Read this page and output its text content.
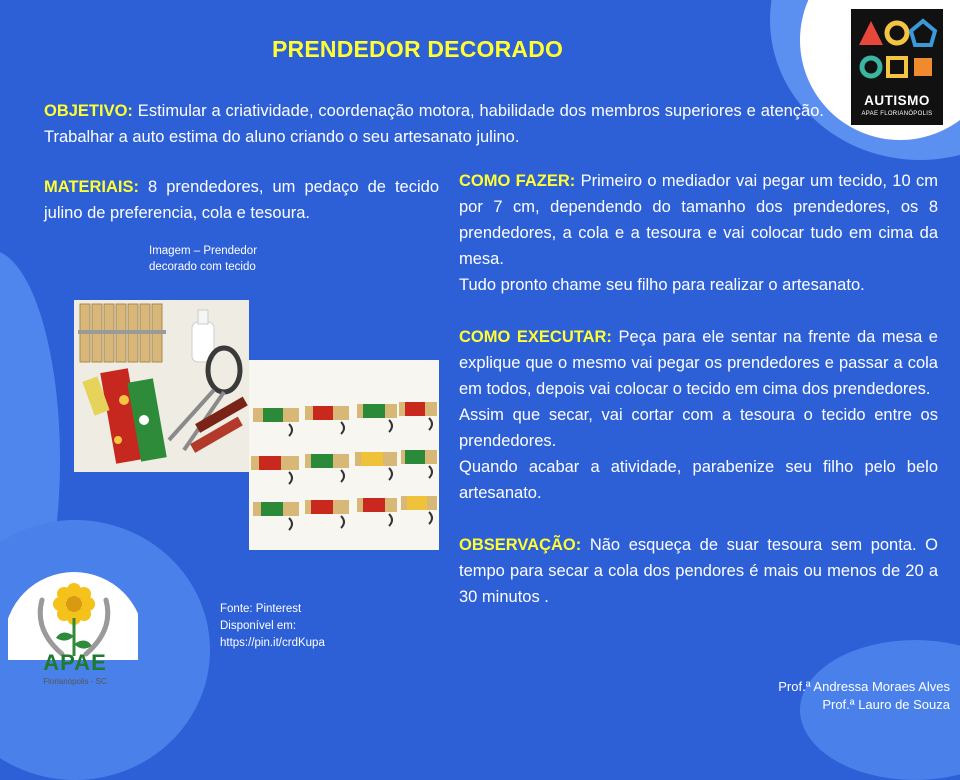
PRENDEDOR DECORADO
OBJETIVO: Estimular a criatividade, coordenação motora, habilidade dos membros superiores e atenção. Trabalhar a auto estima do aluno criando o seu artesanato julino.
MATERIAIS: 8 prendedores, um pedaço de tecido julino de preferencia, cola e tesoura.
Imagem – Prendedor decorado com tecido
Fonte: Pinterest
Disponível em:
https://pin.it/crdKupa

COMO FAZER: Primeiro o mediador vai pegar um tecido, 10 cm por 7 cm, dependendo do tamanho dos prendedores, os 8 prendedores, a cola e a tesoura e vai colocar tudo em cima da mesa.

Tudo pronto chame seu filho para realizar o artesanato.

COMO EXECUTAR: Peça para ele sentar na frente da mesa e explique que o mesmo vai pegar os prendedores e passar a cola em todos, depois vai colocar o tecido em cima dos prendedores.

Assim que secar, vai cortar com a tesoura o tecido entre os prendedores.

Quando acabar a atividade, parabenize seu filho pelo belo artesanato.

OBSERVAÇÃO: Não esqueça de suar tesoura sem ponta. O tempo para secar a cola dos pendores é mais ou menos de 20 a 30 minutos .

AUTISMO
APAE FLORIANÓPOLIS
APAE
Florianópolis - SC	Prof.ª Andressa Moraes Alves
Prof.ª Lauro de Souza
